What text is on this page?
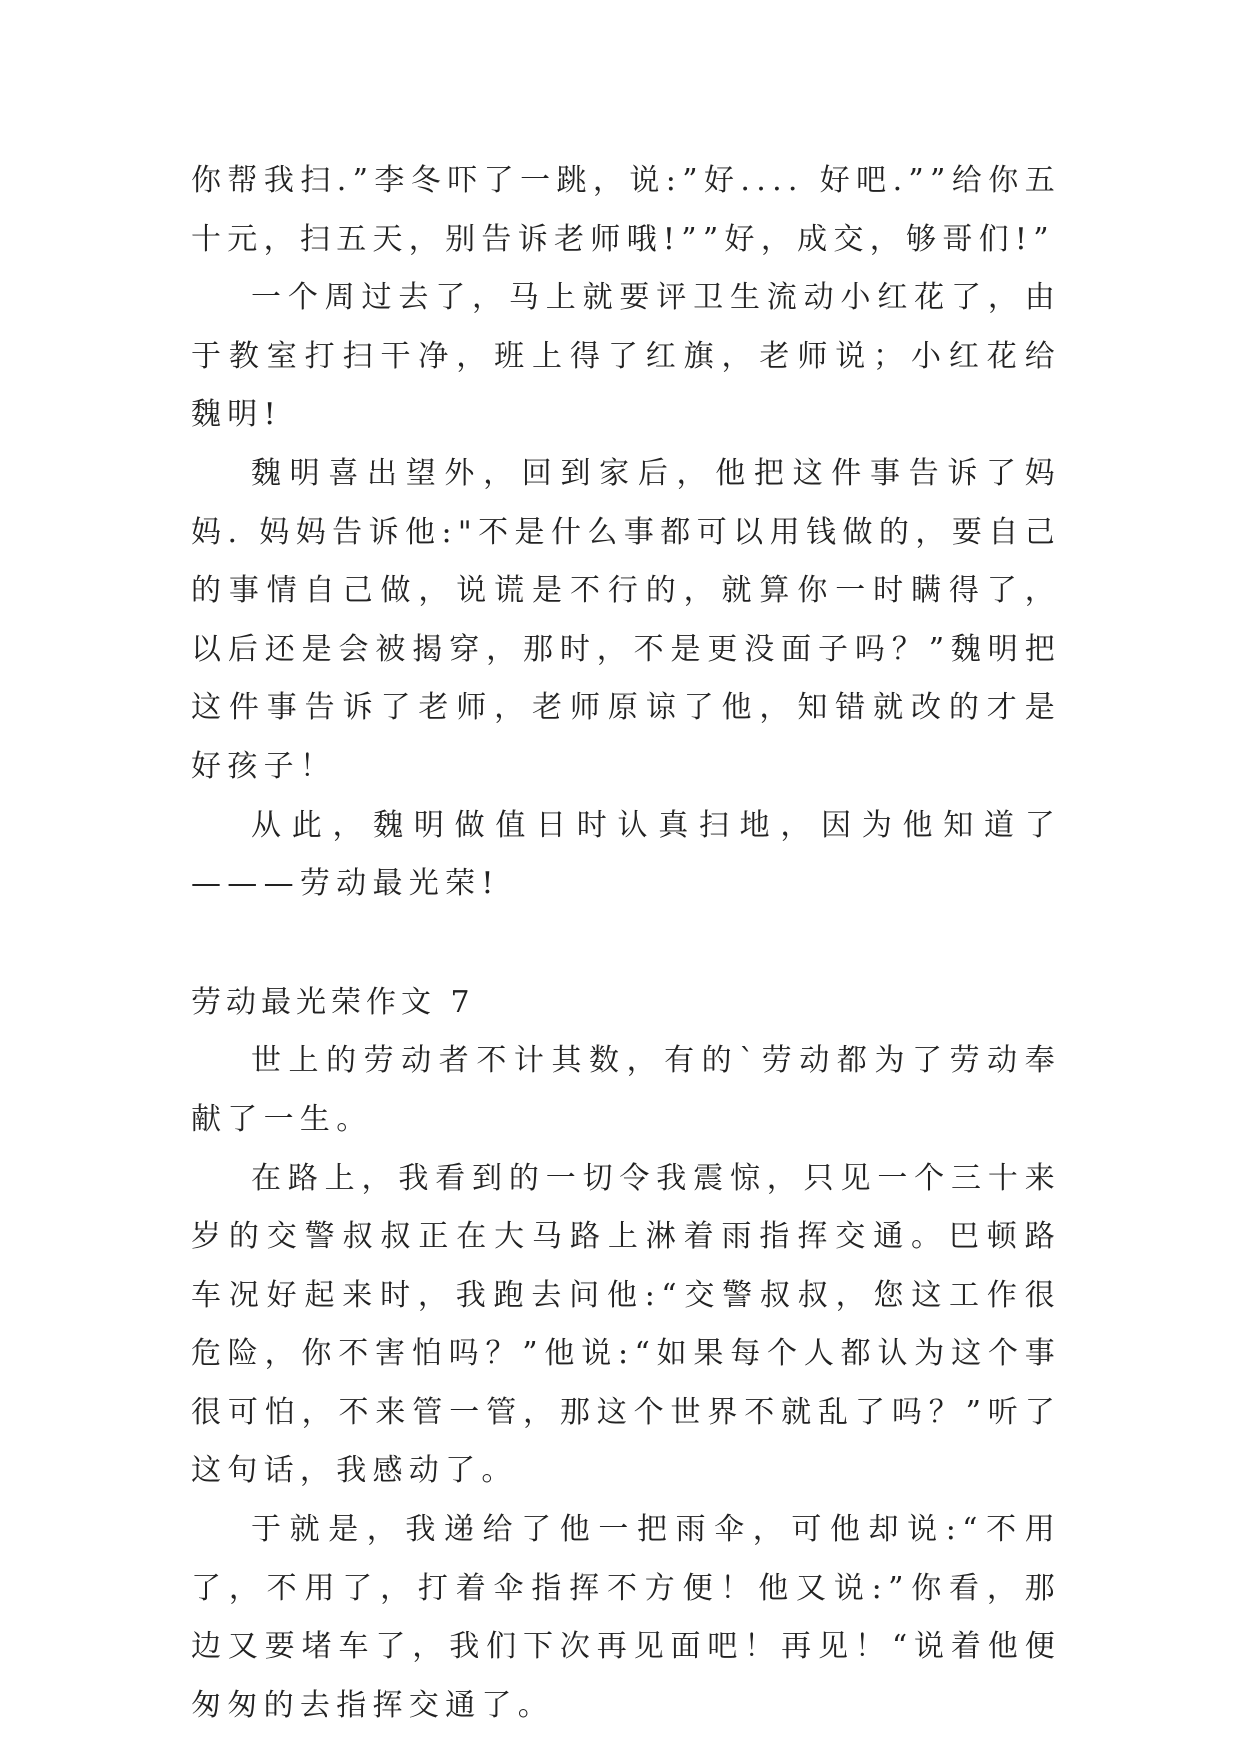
你帮我扫.”李冬吓了一跳，说:”好.... 好吧.””给你五十元，扫五天，别告诉老师哦!””好，成交，够哥们!”

一个周过去了，马上就要评卫生流动小红花了，由于教室打扫干净，班上得了红旗，老师说；小红花给魏明!

魏明喜出望外，回到家后，他把这件事告诉了妈妈. 妈妈告诉他:"不是什么事都可以用钱做的，要自己的事情自己做，说谎是不行的，就算你一时瞒得了，以后还是会被揭穿，那时，不是更没面子吗？”魏明把这件事告诉了老师，老师原谅了他，知错就改的才是好孩子！

从此，魏明做值日时认真扫地，因为他知道了———劳动最光荣!

劳动最光荣作文 7

世上的劳动者不计其数，有的`劳动都为了劳动奉献了一生。

在路上，我看到的一切令我震惊，只见一个三十来岁的交警叔叔正在大马路上淋着雨指挥交通。巴顿路车况好起来时，我跑去问他:“交警叔叔，您这工作很危险，你不害怕吗？”他说:“如果每个人都认为这个事很可怕，不来管一管，那这个世界不就乱了吗？”听了这句话，我感动了。

于就是，我递给了他一把雨伞，可他却说:“不用了，不用了，打着伞指挥不方便！他又说:”你看，那边又要堵车了，我们下次再见面吧！再见！“说着他便匆匆的去指挥交通了。
